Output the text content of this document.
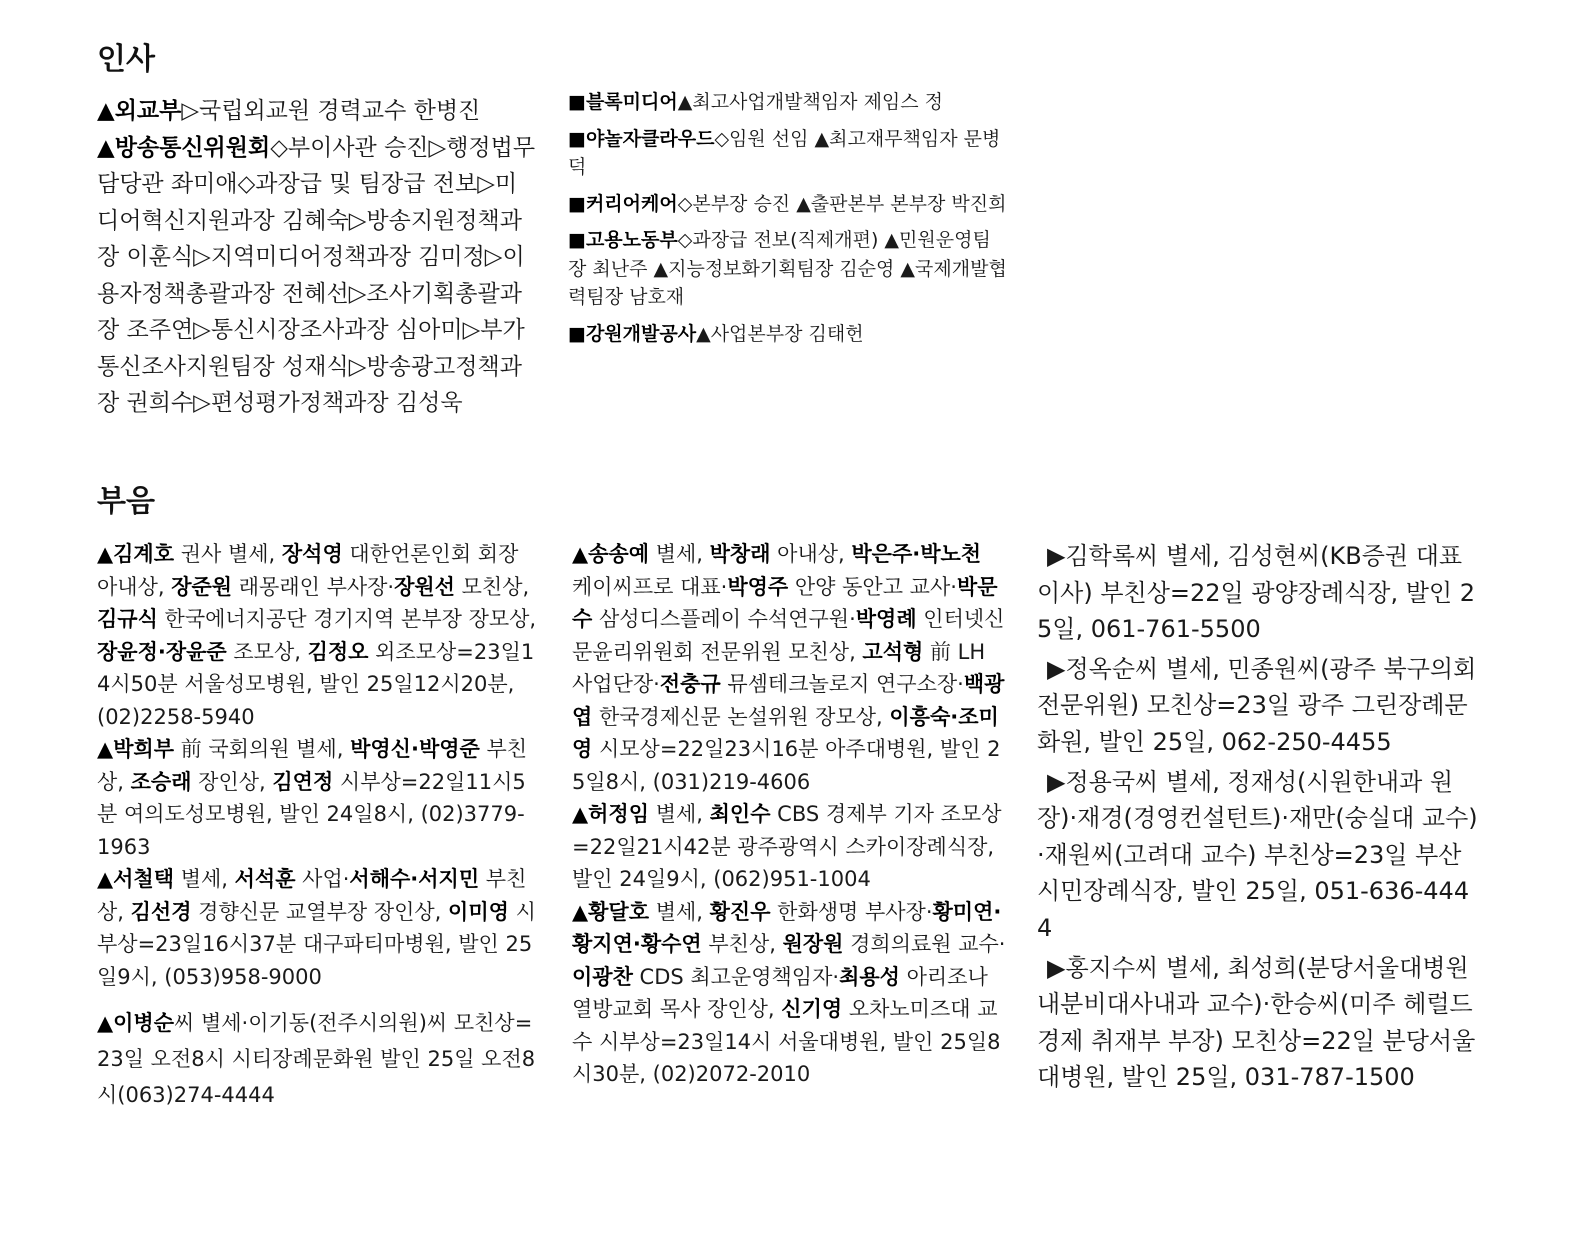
인사
▲외교부▷국립외교원 경력교수 한병진
▲방송통신위원회◇부이사관 승진▷행정법무담당관 좌미애◇과장급 및 팀장급 전보▷미디어혁신지원과장 김혜숙▷방송지원정책과장 이훈식▷지역미디어정책과장 김미정▷이용자정책총괄과장 전혜선▷조사기획총괄과장 조주연▷통신시장조사과장 심아미▷부가통신조사지원팀장 성재식▷방송광고정책과장 권희수▷편성평가정책과장 김성욱

■블록미디어▲최고사업개발책임자 제임스 정

■야놀자클라우드◇임원 선임 ▲최고재무책임자 문병덕

■커리어케어◇본부장 승진 ▲출판본부 본부장 박진희

■고용노동부◇과장급 전보(직제개편) ▲민원운영팀장 최난주 ▲지능정보화기획팀장 김순영 ▲국제개발협력팀장 남호재

■강원개발공사▲사업본부장 김태헌

부음

▲김계호 권사 별세, 장석영 대한언론인회 회장 아내상, 장준원 래몽래인 부사장·장원선 모친상, 김규식 한국에너지공단 경기지역 본부장 장모상, 장윤정·장윤준 조모상, 김정오 외조모상=23일14시50분 서울성모병원, 발인 25일12시20분, (02)2258-5940

▲박희부 前 국회의원 별세, 박영신·박영준 부친상, 조승래 장인상, 김연정 시부상=22일11시5분 여의도성모병원, 발인 24일8시, (02)3779-1963

▲서철택 별세, 서석훈 사업·서해수·서지민 부친상, 김선경 경향신문 교열부장 장인상, 이미영 시부상=23일16시37분 대구파티마병원, 발인 25일9시, (053)958-9000

▲이병순씨 별세·이기동(전주시의원)씨 모친상=23일 오전8시 시티장례문화원 발인 25일 오전8시(063)274-4444

▲송송예 별세, 박창래 아내상, 박은주·박노천 케이씨프로 대표·박영주 안양 동안고 교사·박문수 삼성디스플레이 수석연구원·박영례 인터넷신문윤리위원회 전문위원 모친상, 고석형 前 LH 사업단장·전충규 뮤셈테크놀로지 연구소장·백광엽 한국경제신문 논설위원 장모상, 이흥숙·조미영 시모상=22일23시16분 아주대병원, 발인 25일8시, (031)219-4606

▲허정임 별세, 최인수 CBS 경제부 기자 조모상=22일21시42분 광주광역시 스카이장례식장, 발인 24일9시, (062)951-1004

▲황달호 별세, 황진우 한화생명 부사장·황미연·황지연·황수연 부친상, 원장원 경희의료원 교수·이광찬 CDS 최고운영책임자·최용성 아리조나 열방교회 목사 장인상, 신기영 오차노미즈대 교수 시부상=23일14시 서울대병원, 발인 25일8시30분, (02)2072-2010

▶김학록씨 별세, 김성현씨(KB증권 대표이사) 부친상=22일 광양장례식장, 발인 25일, 061-761-5500

▶정옥순씨 별세, 민종원씨(광주 북구의회 전문위원) 모친상=23일 광주 그린장례문화원, 발인 25일, 062-250-4455

▶정용국씨 별세, 정재성(시원한내과 원장)·재경(경영컨설턴트)·재만(숭실대 교수)·재원씨(고려대 교수) 부친상=23일 부산 시민장례식장, 발인 25일, 051-636-4444

▶홍지수씨 별세, 최성희(분당서울대병원 내분비대사내과 교수)·한승씨(미주 헤럴드경제 취재부 부장) 모친상=22일 분당서울대병원, 발인 25일, 031-787-1500
